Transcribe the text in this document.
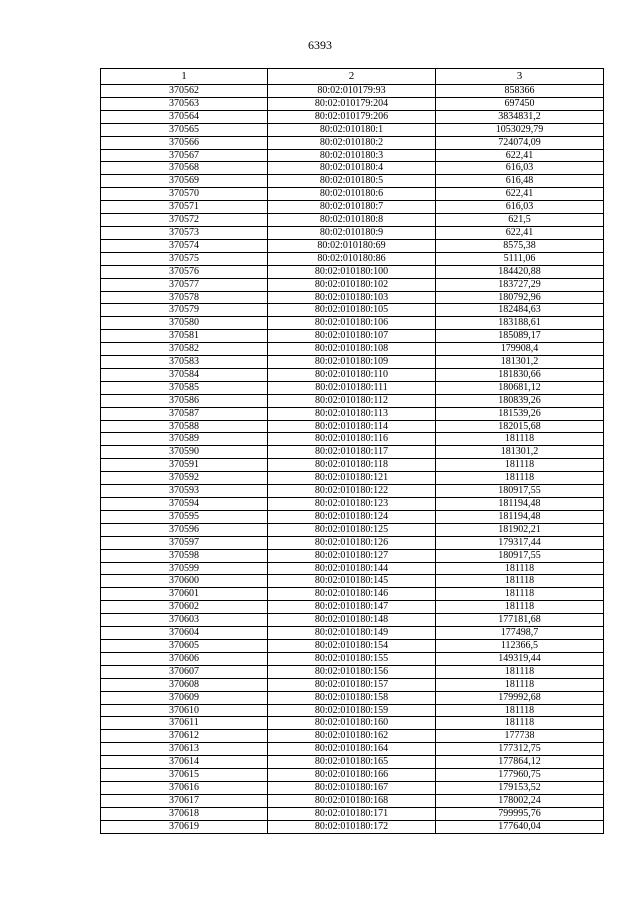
6393
1	2	3
370562	80:02:010179:93	858366
370563	80:02:010179:204	697450
370564	80:02:010179:206	3834831,2
370565	80:02:010180:1	1053029,79
370566	80:02:010180:2	724074,09
370567	80:02:010180:3	622,41
370568	80:02:010180:4	616,03
370569	80:02:010180:5	616,48
370570	80:02:010180:6	622,41
370571	80:02:010180:7	616,03
370572	80:02:010180:8	621,5
370573	80:02:010180:9	622,41
370574	80:02:010180:69	8575,38
370575	80:02:010180:86	5111,06
370576	80:02:010180:100	184420,88
370577	80:02:010180:102	183727,29
370578	80:02:010180:103	180792,96
370579	80:02:010180:105	182484,63
370580	80:02:010180:106	183188,61
370581	80:02:010180:107	185089,17
370582	80:02:010180:108	179908,4
370583	80:02:010180:109	181301,2
370584	80:02:010180:110	181830,66
370585	80:02:010180:111	180681,12
370586	80:02:010180:112	180839,26
370587	80:02:010180:113	181539,26
370588	80:02:010180:114	182015,68
370589	80:02:010180:116	181118
370590	80:02:010180:117	181301,2
370591	80:02:010180:118	181118
370592	80:02:010180:121	181118
370593	80:02:010180:122	180917,55
370594	80:02:010180:123	181194,48
370595	80:02:010180:124	181194,48
370596	80:02:010180:125	181902,21
370597	80:02:010180:126	179317,44
370598	80:02:010180:127	180917,55
370599	80:02:010180:144	181118
370600	80:02:010180:145	181118
370601	80:02:010180:146	181118
370602	80:02:010180:147	181118
370603	80:02:010180:148	177181,68
370604	80:02:010180:149	177498,7
370605	80:02:010180:154	112366,5
370606	80:02:010180:155	149319,44
370607	80:02:010180:156	181118
370608	80:02:010180:157	181118
370609	80:02:010180:158	179992,68
370610	80:02:010180:159	181118
370611	80:02:010180:160	181118
370612	80:02:010180:162	177738
370613	80:02:010180:164	177312,75
370614	80:02:010180:165	177864,12
370615	80:02:010180:166	177960,75
370616	80:02:010180:167	179153,52
370617	80:02:010180:168	178002,24
370618	80:02:010180:171	799995,76
370619	80:02:010180:172	177640,04
